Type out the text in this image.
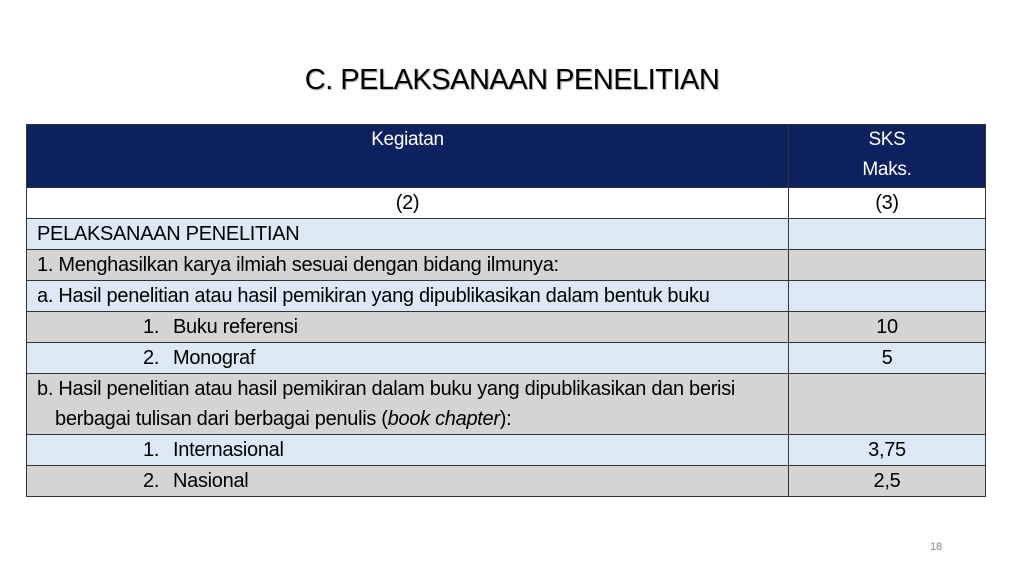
C. PELAKSANAAN PENELITIAN
Kegiatan	SKS
Maks.
(2)	(3)
PELAKSANAAN PENELITIAN	
1. Menghasilkan karya ilmiah sesuai dengan bidang ilmunya:	

a. Hasil penelitian atau hasil pemikiran yang dipublikasikan dalam bentuk buku	

1. Buku referensi	10
2. Monograf	5

b. Hasil penelitian atau hasil pemikiran dalam buku yang dipublikasikan dan berisi berbagai tulisan dari berbagai penulis (book chapter):	

1. Internasional	3,75
2. Nasional	2,5
18
